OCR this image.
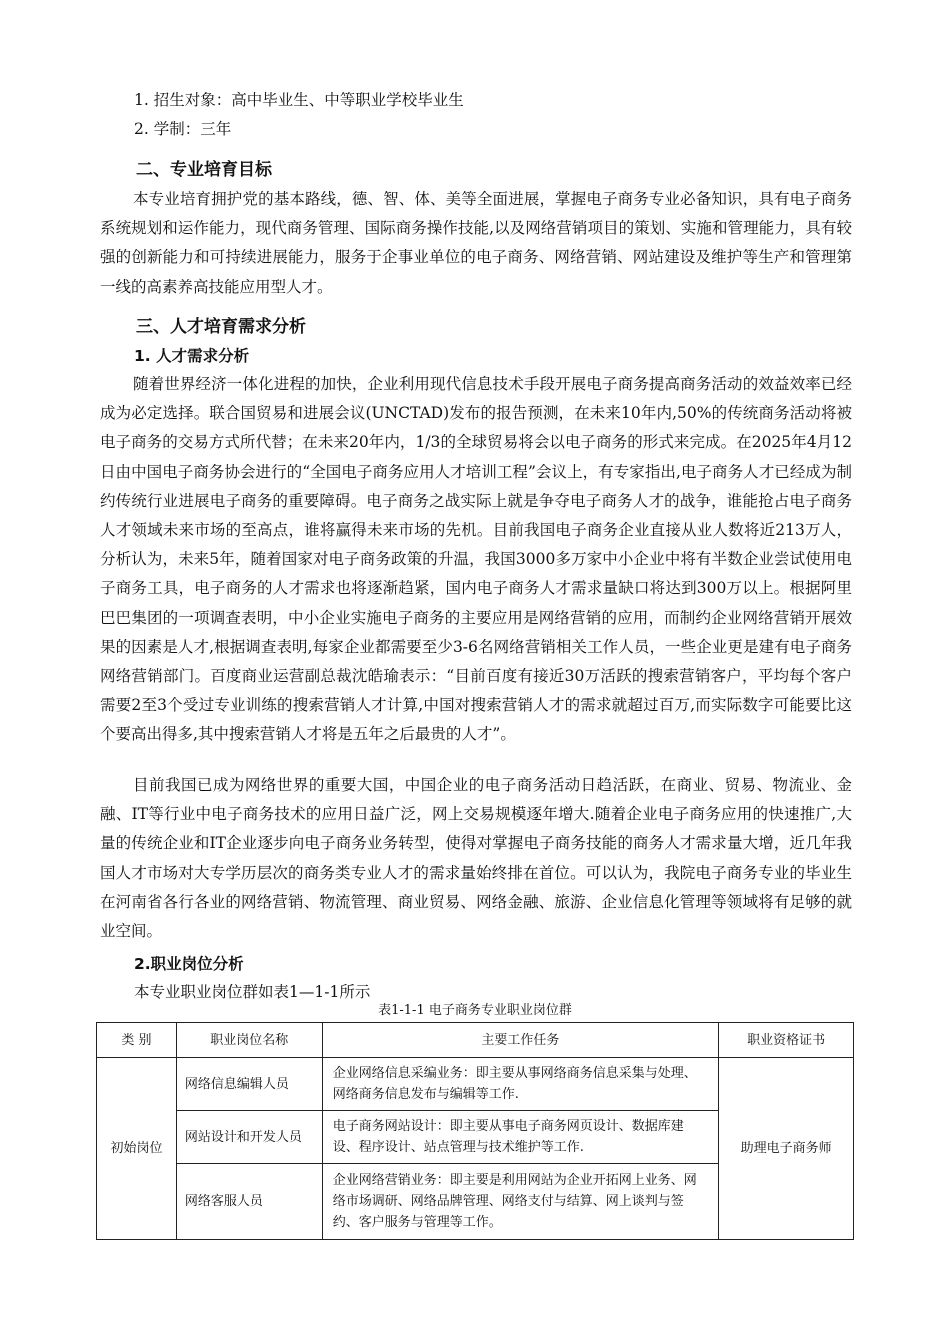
1. 招生对象：高中毕业生、中等职业学校毕业生
2. 学制：三年
二、专业培育目标
本专业培育拥护党的基本路线，德、智、体、美等全面进展，掌握电子商务专业必备知识，具有电子商务系统规划和运作能力，现代商务管理、国际商务操作技能,以及网络营销项目的策划、实施和管理能力，具有较强的创新能力和可持续进展能力，服务于企事业单位的电子商务、网络营销、网站建设及维护等生产和管理第一线的高素养高技能应用型人才。
三、人才培育需求分析
1. 人才需求分析
随着世界经济一体化进程的加快，企业利用现代信息技术手段开展电子商务提高商务活动的效益效率已经成为必定选择。联合国贸易和进展会议(UNCTAD)发布的报告预测，在未来10年内,50%的传统商务活动将被电子商务的交易方式所代替；在未来20年内，1/3的全球贸易将会以电子商务的形式来完成。在2025年4月12日由中国电子商务协会进行的“全国电子商务应用人才培训工程”会议上，有专家指出,电子商务人才已经成为制约传统行业进展电子商务的重要障碍。电子商务之战实际上就是争夺电子商务人才的战争，谁能抢占电子商务人才领域未来市场的至高点，谁将赢得未来市场的先机。目前我国电子商务企业直接从业人数将近213万人，分析认为，未来5年，随着国家对电子商务政策的升温，我国3000多万家中小企业中将有半数企业尝试使用电子商务工具，电子商务的人才需求也将逐渐趋紧，国内电子商务人才需求量缺口将达到300万以上。根据阿里巴巴集团的一项调查表明，中小企业实施电子商务的主要应用是网络营销的应用，而制约企业网络营销开展效果的因素是人才,根据调查表明,每家企业都需要至少3-6名网络营销相关工作人员，一些企业更是建有电子商务网络营销部门。百度商业运营副总裁沈皓瑜表示：“目前百度有接近30万活跃的搜索营销客户，平均每个客户需要2至3个受过专业训练的搜索营销人才计算,中国对搜索营销人才的需求就超过百万,而实际数字可能要比这个要高出得多,其中搜索营销人才将是五年之后最贵的人才”。
目前我国已成为网络世界的重要大国，中国企业的电子商务活动日趋活跃，在商业、贸易、物流业、金融、IT等行业中电子商务技术的应用日益广泛，网上交易规模逐年增大.随着企业电子商务应用的快速推广,大量的传统企业和IT企业逐步向电子商务业务转型，使得对掌握电子商务技能的商务人才需求量大增，近几年我国人才市场对大专学历层次的商务类专业人才的需求量始终排在首位。可以认为，我院电子商务专业的毕业生在河南省各行各业的网络营销、物流管理、商业贸易、网络金融、旅游、企业信息化管理等领域将有足够的就业空间。
2.职业岗位分析
本专业职业岗位群如表1—1-1所示
表1-1-1 电子商务专业职业岗位群
类 别	职业岗位名称	主要工作任务	职业资格证书
初始岗位	网络信息编辑人员	企业网络信息采编业务：即主要从事网络商务信息采集与处理、网络商务信息发布与编辑等工作.	助理电子商务师
	网站设计和开发人员	电子商务网站设计：即主要从事电子商务网页设计、数据库建设、程序设计、站点管理与技术维护等工作.	
	网络客服人员	企业网络营销业务：即主要是利用网站为企业开拓网上业务、网络市场调研、网络品牌管理、网络支付与结算、网上谈判与签约、客户服务与管理等工作。	
